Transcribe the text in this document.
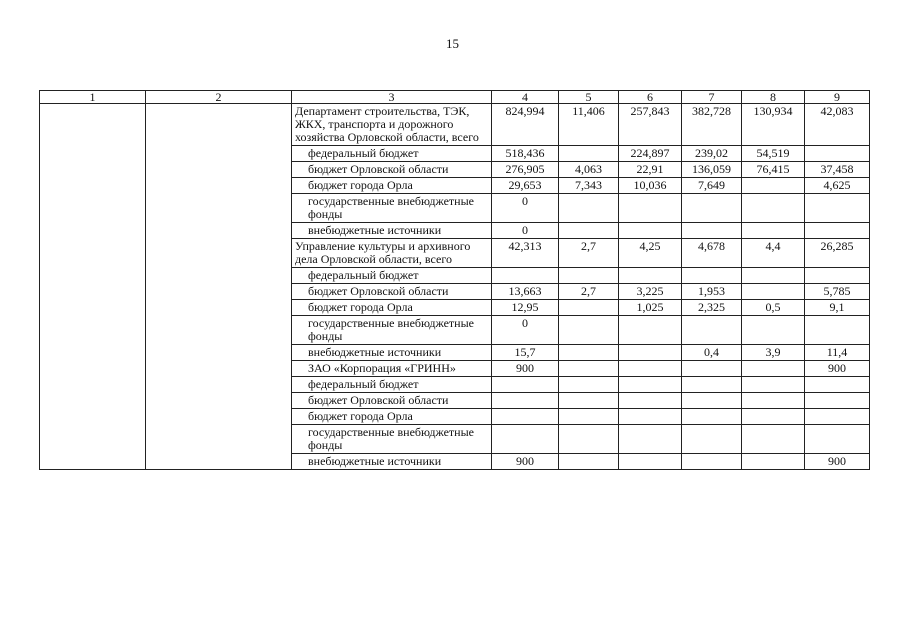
15
1	2	3	4	5	6	7	8	9
		Департамент строительства, ТЭК, ЖКХ, транспорта и дорожного хозяйства Орловской области, всего	824,994	11,406	257,843	382,728	130,934	42,083
		федеральный бюджет	518,436		224,897	239,02	54,519	
		бюджет Орловской области	276,905	4,063	22,91	136,059	76,415	37,458
		бюджет города Орла	29,653	7,343	10,036	7,649		4,625
		государственные внебюджетные фонды	0					
		внебюджетные источники	0					
		Управление культуры и архивного дела Орловской области, всего	42,313	2,7	4,25	4,678	4,4	26,285
		федеральный бюджет						
		бюджет Орловской области	13,663	2,7	3,225	1,953		5,785
		бюджет города Орла	12,95		1,025	2,325	0,5	9,1
		государственные внебюджетные фонды	0					
		внебюджетные источники	15,7			0,4	3,9	11,4
		ЗАО «Корпорация «ГРИНН»	900					900
		федеральный бюджет						
		бюджет Орловской области						
		бюджет города Орла						
		государственные внебюджетные фонды						
		внебюджетные источники	900					900
